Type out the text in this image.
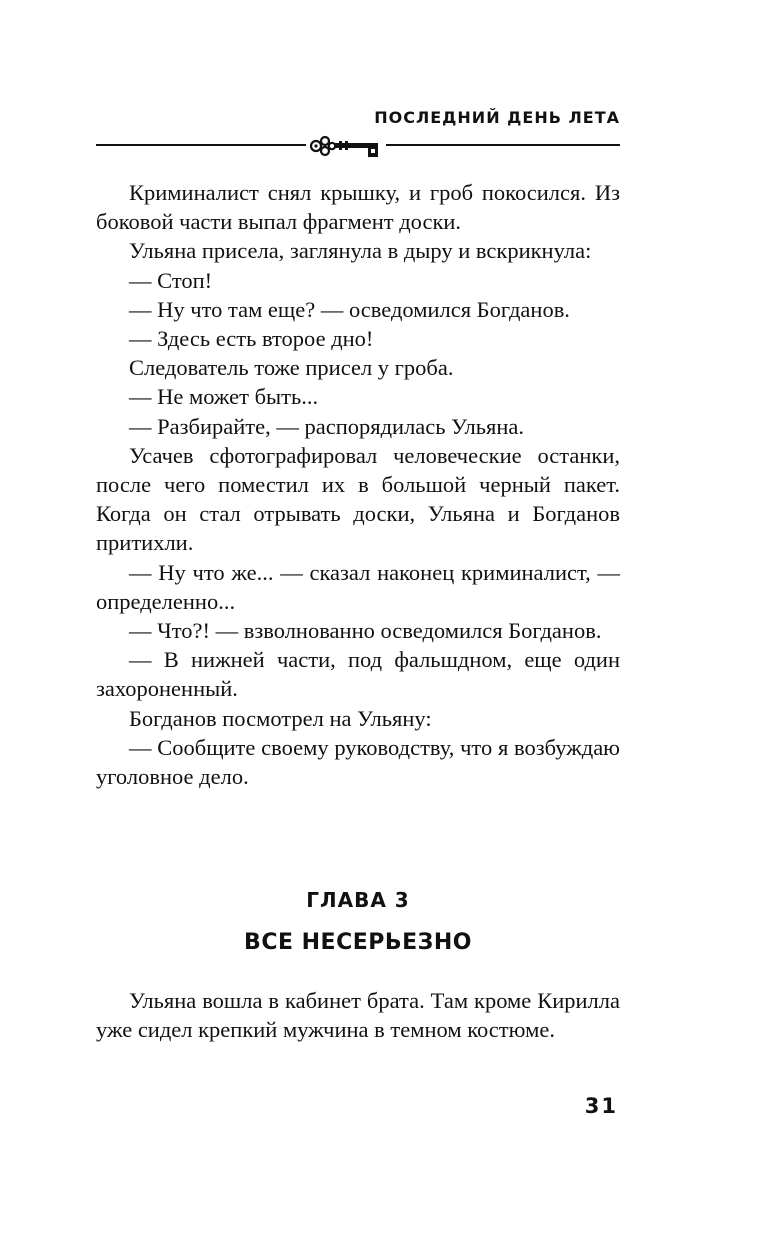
ПОСЛЕДНИЙ ДЕНЬ ЛЕТА

Криминалист снял крышку, и гроб покосился. Из боковой части выпал фрагмент доски.

Ульяна присела, заглянула в дыру и вскрикнула:

— Стоп!

— Ну что там еще? — осведомился Богданов.

— Здесь есть второе дно!

Следователь тоже присел у гроба.

— Не может быть...

— Разбирайте, — распорядилась Ульяна.

Усачев сфотографировал человеческие останки, после чего поместил их в большой черный пакет. Когда он стал отрывать доски, Ульяна и Богданов притихли.

— Ну что же... — сказал наконец криминалист, — определенно...

— Что?! — взволнованно осведомился Богданов.

— В нижней части, под фальшдном, еще один захороненный.

Богданов посмотрел на Ульяну:

— Сообщите своему руководству, что я возбуждаю уголовное дело.

ГЛАВА 3
ВСЕ НЕСЕРЬЕЗНО

Ульяна вошла в кабинет брата. Там кроме Кирилла уже сидел крепкий мужчина в темном костюме.

31
